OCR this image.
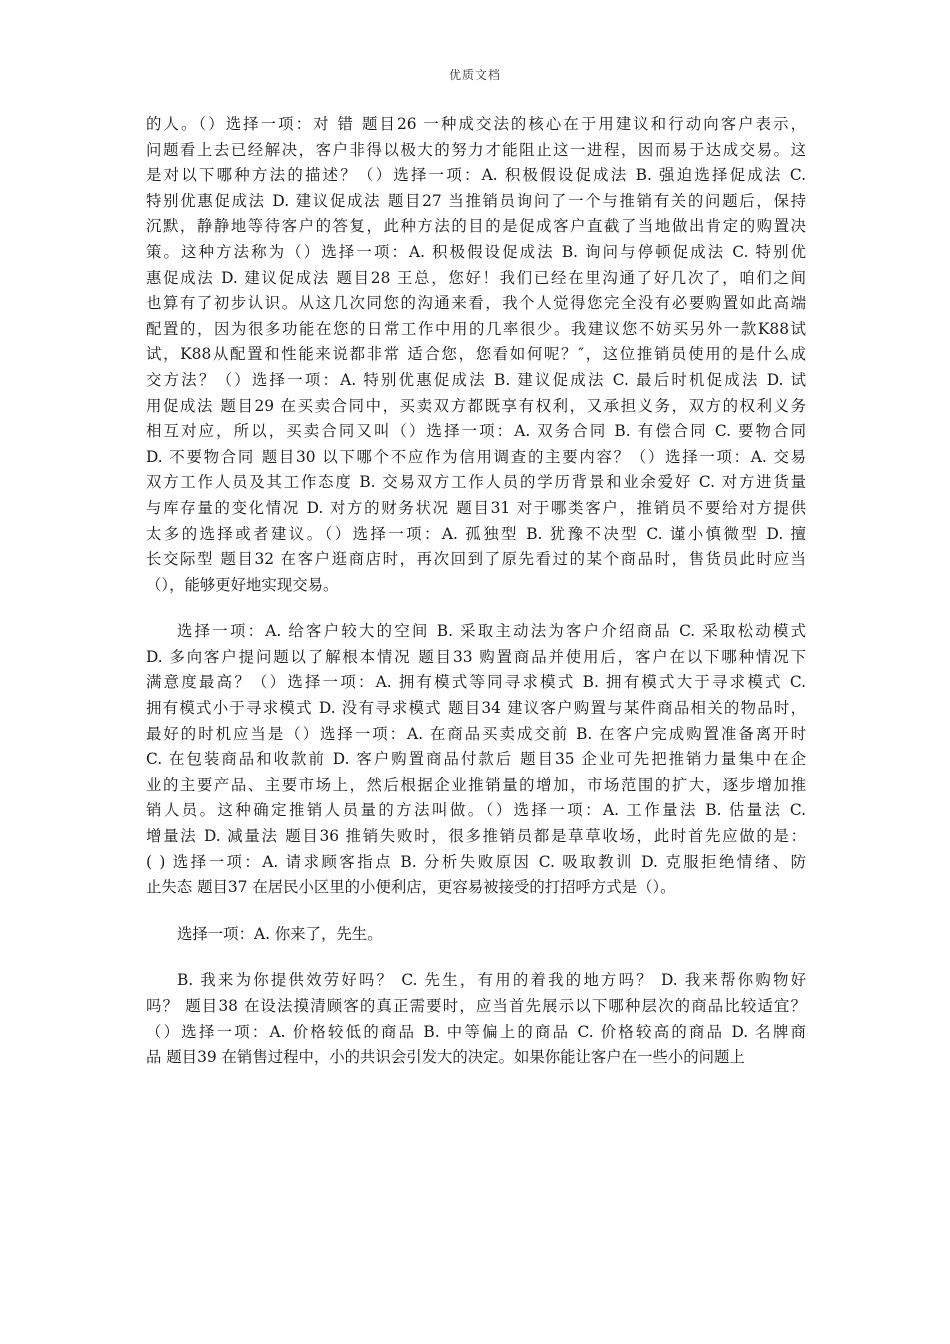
优质文档
的人。（）选择一项：对 错 题目26 一种成交法的核心在于用建议和行动向客户表示，
问题看上去已经解决，客户非得以极大的努力才能阻止这一进程，因而易于达成交易。这
是对以下哪种方法的描述？（）选择一项：A. 积极假设促成法 B. 强迫选择促成法 C.
特别优惠促成法 D. 建议促成法 题目27 当推销员询问了一个与推销有关的问题后，保持
沉默，静静地等待客户的答复，此种方法的目的是促成客户直截了当地做出肯定的购置决
策。这种方法称为（）选择一项：A. 积极假设促成法 B. 询问与停顿促成法 C. 特别优
惠促成法 D. 建议促成法 题目28 王总，您好！我们已经在里沟通了好几次了，咱们之间
也算有了初步认识。从这几次同您的沟通来看，我个人觉得您完全没有必要购置如此高端
配置的，因为很多功能在您的日常工作中用的几率很少。我建议您不妨买另外一款K88试
试，K88从配置和性能来说都非常 适合您，您看如何呢？″，这位推销员使用的是什么成
交方法？（）选择一项：A. 特别优惠促成法 B. 建议促成法 C. 最后时机促成法 D. 试
用促成法 题目29 在买卖合同中，买卖双方都既享有权利，又承担义务，双方的权利义务
相互对应，所以，买卖合同又叫（）选择一项：A. 双务合同 B. 有偿合同 C. 要物合同
D. 不要物合同 题目30 以下哪个不应作为信用调查的主要内容？（）选择一项：A. 交易
双方工作人员及其工作态度 B. 交易双方工作人员的学历背景和业余爱好 C. 对方进货量
与库存量的变化情况 D. 对方的财务状况 题目31 对于哪类客户，推销员不要给对方提供
太多的选择或者建议。（）选择一项：A. 孤独型 B. 犹豫不决型 C. 谨小慎微型 D. 擅
长交际型 题目32 在客户逛商店时，再次回到了原先看过的某个商品时，售货员此时应当
（），能够更好地实现交易。
选择一项：A. 给客户较大的空间 B. 采取主动法为客户介绍商品 C. 采取松动模式
D. 多向客户提问题以了解根本情况 题目33 购置商品并使用后，客户在以下哪种情况下
满意度最高？（）选择一项：A. 拥有模式等同寻求模式 B. 拥有模式大于寻求模式 C.
拥有模式小于寻求模式 D. 没有寻求模式 题目34 建议客户购置与某件商品相关的物品时，
最好的时机应当是（）选择一项：A. 在商品买卖成交前 B. 在客户完成购置准备离开时
C. 在包装商品和收款前 D. 客户购置商品付款后 题目35 企业可先把推销力量集中在企
业的主要产品、主要市场上，然后根据企业推销量的增加，市场范围的扩大，逐步增加推
销人员。这种确定推销人员量的方法叫做。（）选择一项：A. 工作量法 B. 估量法 C.
增量法 D. 减量法 题目36 推销失败时，很多推销员都是草草收场，此时首先应做的是：
( ) 选择一项：A. 请求顾客指点 B. 分析失败原因 C. 吸取教训 D. 克服拒绝情绪、防
止失态 题目37 在居民小区里的小便利店，更容易被接受的打招呼方式是（）。
选择一项：A. 你来了，先生。
B. 我来为你提供效劳好吗？ C. 先生，有用的着我的地方吗？ D. 我来帮你购物好
吗？ 题目38 在设法摸清顾客的真正需要时，应当首先展示以下哪种层次的商品比较适宜？
（）选择一项：A. 价格较低的商品 B. 中等偏上的商品 C. 价格较高的商品 D. 名牌商
品 题目39 在销售过程中，小的共识会引发大的决定。如果你能让客户在一些小的问题上
